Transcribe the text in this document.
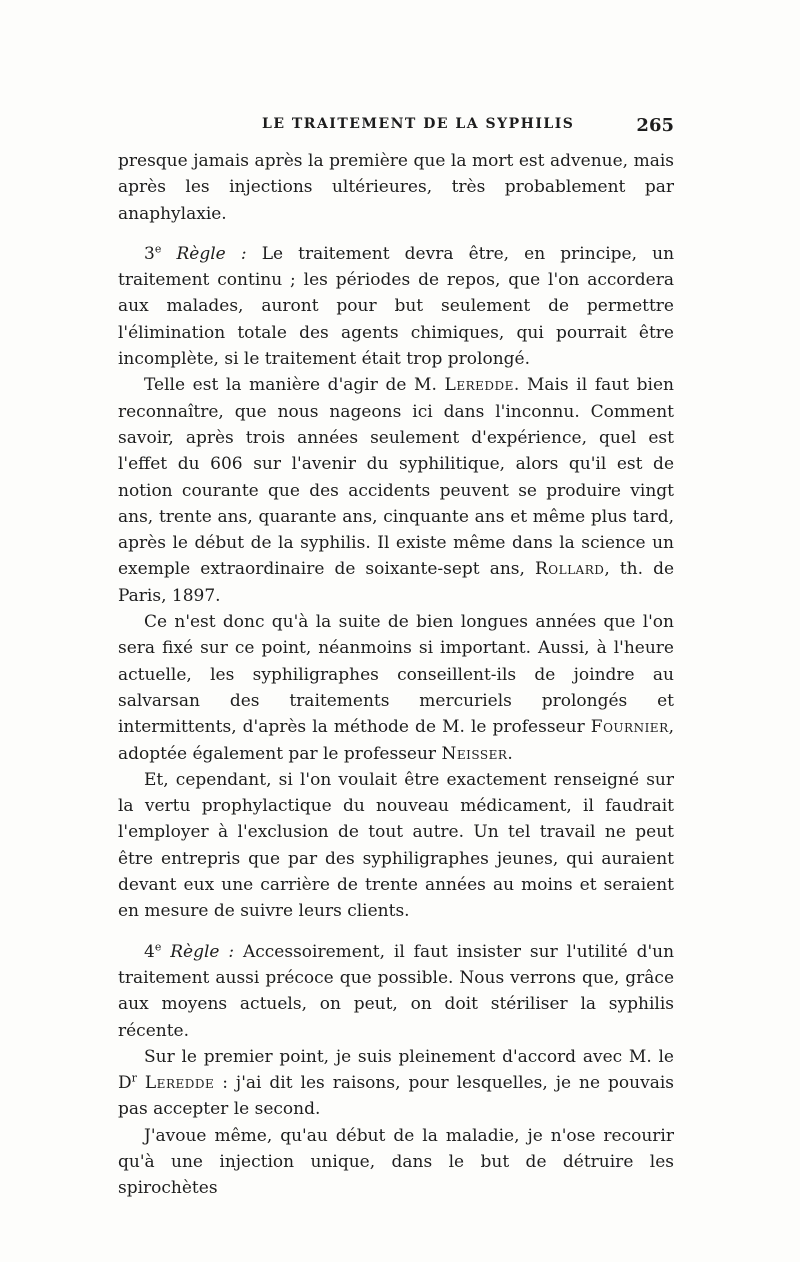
LE TRAITEMENT DE LA SYPHILIS	265

presque jamais après la première que la mort est advenue, mais après les injections ultérieures, très probablement par anaphylaxie.

3e Règle : Le traitement devra être, en principe, un traitement continu ; les périodes de repos, que l'on accordera aux malades, auront pour but seulement de permettre l'élimination totale des agents chimiques, qui pourrait être incomplète, si le traitement était trop prolongé.

Telle est la manière d'agir de M. Leredde. Mais il faut bien reconnaître, que nous nageons ici dans l'inconnu. Comment savoir, après trois années seulement d'expérience, quel est l'effet du 606 sur l'avenir du syphilitique, alors qu'il est de notion courante que des accidents peuvent se produire vingt ans, trente ans, quarante ans, cinquante ans et même plus tard, après le début de la syphilis. Il existe même dans la science un exemple extraordinaire de soixante-sept ans, Rollard, th. de Paris, 1897.

Ce n'est donc qu'à la suite de bien longues années que l'on sera fixé sur ce point, néanmoins si important. Aussi, à l'heure actuelle, les syphiligraphes conseillent-ils de joindre au salvarsan des traitements mercuriels prolongés et intermittents, d'après la méthode de M. le professeur Fournier, adoptée également par le professeur Neisser.

Et, cependant, si l'on voulait être exactement renseigné sur la vertu prophylactique du nouveau médicament, il faudrait l'employer à l'exclusion de tout autre. Un tel travail ne peut être entrepris que par des syphiligraphes jeunes, qui auraient devant eux une carrière de trente années au moins et seraient en mesure de suivre leurs clients.

4e Règle : Accessoirement, il faut insister sur l'utilité d'un traitement aussi précoce que possible. Nous verrons que, grâce aux moyens actuels, on peut, on doit stériliser la syphilis récente.

Sur le premier point, je suis pleinement d'accord avec M. le $D^r$ Leredde : j'ai dit les raisons, pour lesquelles, je ne pouvais pas accepter le second.

J'avoue même, qu'au début de la maladie, je n'ose recourir qu'à une injection unique, dans le but de détruire les spirochètes
